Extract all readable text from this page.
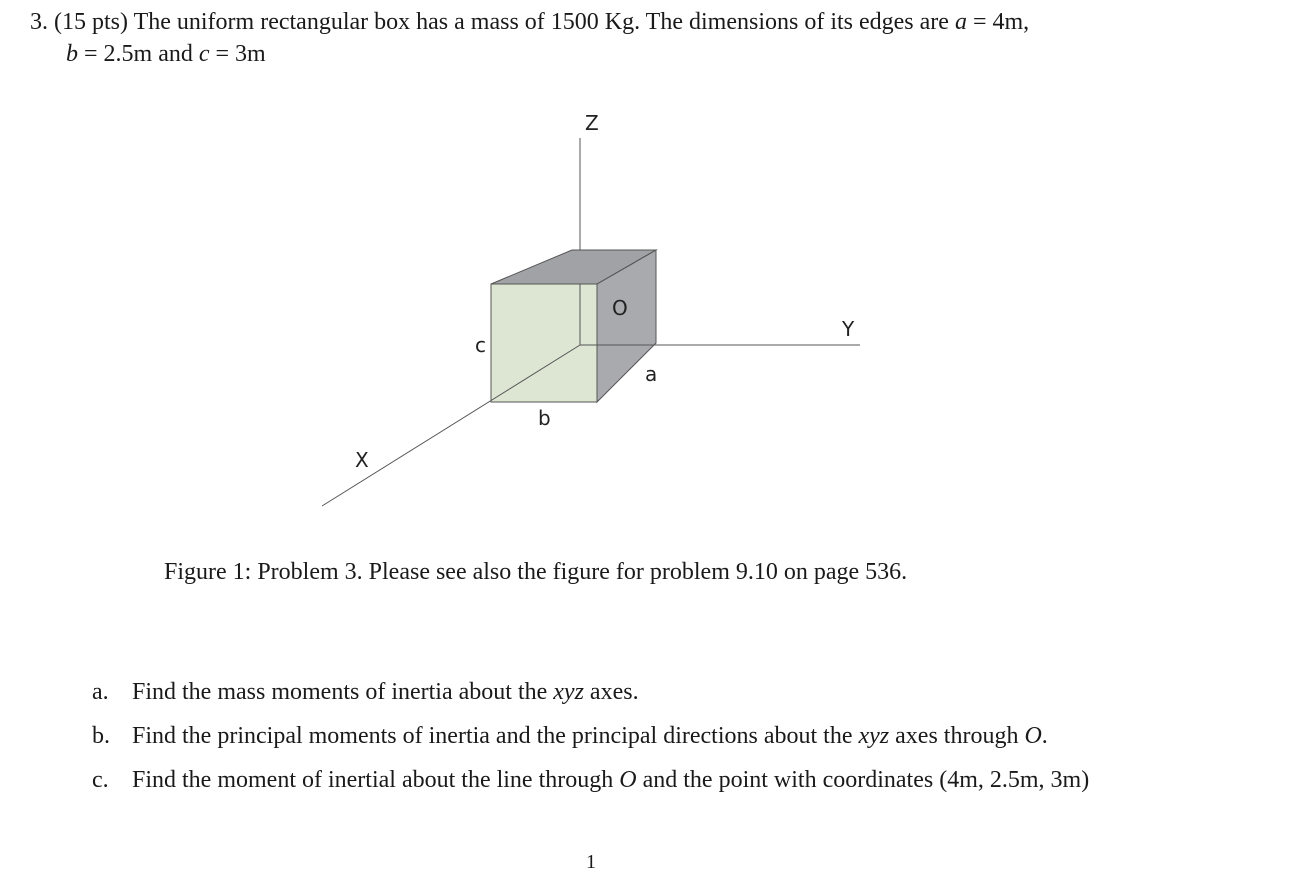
3. (15 pts) The uniform rectangular box has a mass of 1500 Kg. The dimensions of its edges are a = 4m,
b = 2.5m and c = 3m
Z
Y
X
O
c
a
b
Figure 1: Problem 3. Please see also the figure for problem 9.10 on page 536.
a. Find the mass moments of inertia about the xyz axes.
b. Find the principal moments of inertia and the principal directions about the xyz axes through O.
c. Find the moment of inertial about the line through O and the point with coordinates (4m, 2.5m, 3m)
1
